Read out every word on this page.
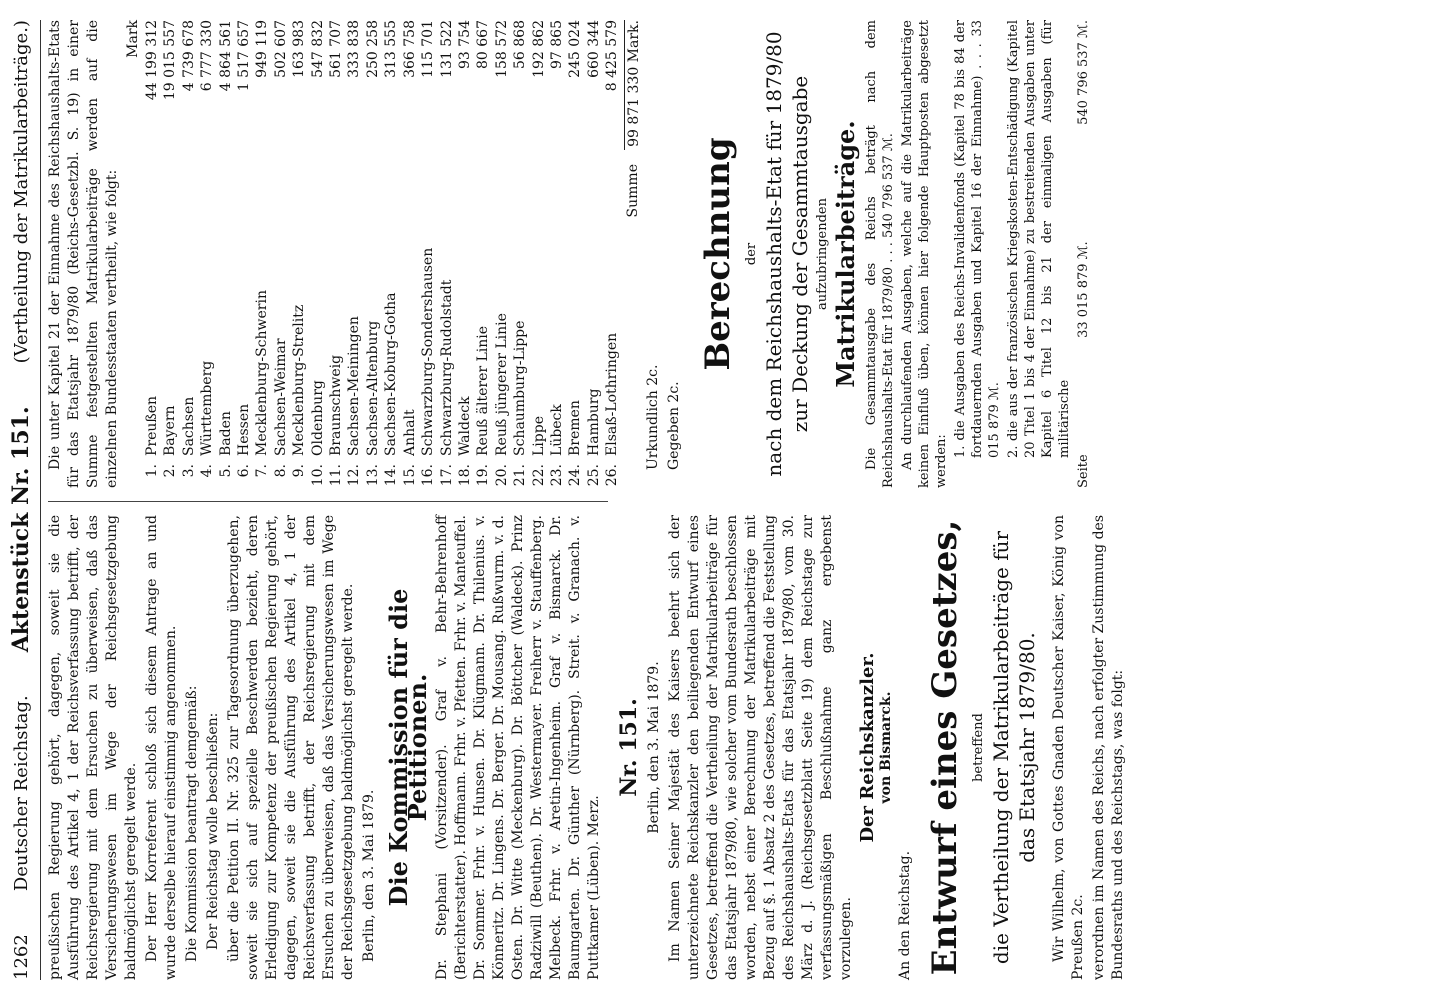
1262
Deutscher Reichstag.
Aktenstück Nr. 151.
(Vertheilung der Matrikularbeiträge.)

preußischen Regierung gehört, dagegen, soweit sie die Ausführung des Artikel 4, 1 der Reichsverfassung betrifft, der Reichsregierung mit dem Ersuchen zu überweisen, daß das Versicherungswesen im Wege der Reichsgesetzgebung baldmöglichst geregelt werde. Der Herr Korreferent schloß sich diesem Antrage an und wurde derselbe hierauf einstimmig angenommen. Die Kommission beantragt demgemäß: Der Reichstag wolle beschließen: über die Petition II. Nr. 325 zur Tagesordnung überzugehen, soweit sie sich auf spezielle Beschwerden bezieht, deren Erledigung zur Kompetenz der preußischen Regierung gehört, dagegen, soweit sie die Ausführung des Artikel 4, 1 der Reichsverfassung betrifft, der Reichsregierung mit dem Ersuchen zu überweisen, daß das Versicherungswesen im Wege der Reichsgesetzgebung baldmöglichst geregelt werde. Berlin, den 3. Mai 1879. Die Kommission für die Petitionen. Dr. Stephani (Vorsitzender). Graf v. Behr-Behrenhoff (Berichterstatter). Hoffmann. Frhr. v. Pfetten. Frhr. v. Manteuffel. Dr. Sommer. Frhr. v. Hunsen. Dr. Klügmann. Dr. Thilenius. v. Könneritz. Dr. Lingens. Dr. Berger. Dr. Mousang. Rußwurm. v. d. Osten. Dr. Witte (Meckenburg). Dr. Böttcher (Waldeck). Prinz Radziwill (Beuthen). Dr. Westermayer. Freiherr v. Stauffenberg. Melbeck. Frhr. v. Aretin-Ingenheim. Graf v. Bismarck. Dr. Baumgarten. Dr. Günther (Nürnberg). Streit. v. Granach. v. Puttkamer (Lüben). Merz.

Nr. 151. Berlin, den 3. Mai 1879. Im Namen Seiner Majestät des Kaisers beehrt sich der unterzeichnete Reichskanzler den beiliegenden Entwurf eines Gesetzes, betreffend die Vertheilung der Matrikularbeiträge für das Etatsjahr 1879/80, wie solcher vom Bundesrath beschlossen worden, nebst einer Berechnung der Matrikularbeiträge mit Bezug auf §. 1 Absatz 2 des Gesetzes, betreffend die Feststellung des Reichshaushalts-Etats für das Etatsjahr 1879/80, vom 30. März d. J. (Reichsgesetzblatt Seite 19) dem Reichstage zur verfassungsmäßigen Beschlußnahme ganz ergebenst vorzulegen.

Der Reichskanzler. von Bismarck.

An den Reichstag. Entwurf eines Gesetzes, betreffend die Vertheilung der Matrikularbeiträge für das Etatsjahr 1879/80. Wir Wilhelm, von Gottes Gnaden Deutscher Kaiser, König von Preußen 2c. verordnen im Namen des Reichs, nach erfolgter Zustimmung des Bundesraths und des Reichstags, was folgt:

Die unter Kapitel 21 der Einnahme des Reichshaushalts-Etats für das Etatsjahr 1879/80 (Reichs-Gesetzbl. S. 19) in einer Summe festgestellten Matrikularbeiträge werden auf die einzelnen Bundesstaaten vertheilt, wie folgt:

Mark
1.
Preußen
44 199 312
2.
Bayern
19 015 557
3.
Sachsen
4 739 678
4.
Württemberg
6 777 330
5.
Baden
4 864 561
6.
Hessen
1 517 657
7.
Mecklenburg-Schwerin
949 119
8.
Sachsen-Weimar
502 607
9.
Mecklenburg-Strelitz
163 983
10.
Oldenburg
547 832
11.
Braunschweig
561 707
12.
Sachsen-Meiningen
333 838
13.
Sachsen-Altenburg
250 258
14.
Sachsen-Koburg-Gotha
313 555
15.
Anhalt
366 758
16.
Schwarzburg-Sondershausen
115 701
17.
Schwarzburg-Rudolstadt
131 522
18.
Waldeck
93 754
19.
Reuß älterer Linie
80 667
20.
Reuß jüngerer Linie
158 572
21.
Schaumburg-Lippe
56 868
22.
Lippe
192 862
23.
Lübeck
97 865
24.
Bremen
245 024
25.
Hamburg
660 344
26.
Elsaß-Lothringen
8 425 579
Summe
99 871 330 Mark.

Urkundlich 2c. Gegeben 2c.

Berechnung der nach dem Reichshaushalts-Etat für 1879/80 zur Deckung der Gesammtausgabe aufzubringenden Matrikularbeiträge. Die Gesammtausgabe des Reichs beträgt nach dem Reichshaushalts-Etat für 1879/80 . . . 540 796 537 ℳ. An durchlaufenden Ausgaben, welche auf die Matrikularbeiträge keinen Einfluß üben, können hier folgende Hauptposten abgesetzt werden:

1. die Ausgaben des Reichs-Invalidenfonds (Kapitel 78 bis 84 der fortdauernden Ausgaben und Kapitel 16 der Einnahme) . . . 33 015 879 ℳ. 2. die aus der französischen Kriegskosten-Entschädigung (Kapitel 20 Titel 1 bis 4 der Einnahme) zu bestreitenden Ausgaben unter Kapitel 6 Titel 12 bis 21 der einmaligen Ausgaben (für militärische

Seite
33 015 879 ℳ.
540 796 537 ℳ.
